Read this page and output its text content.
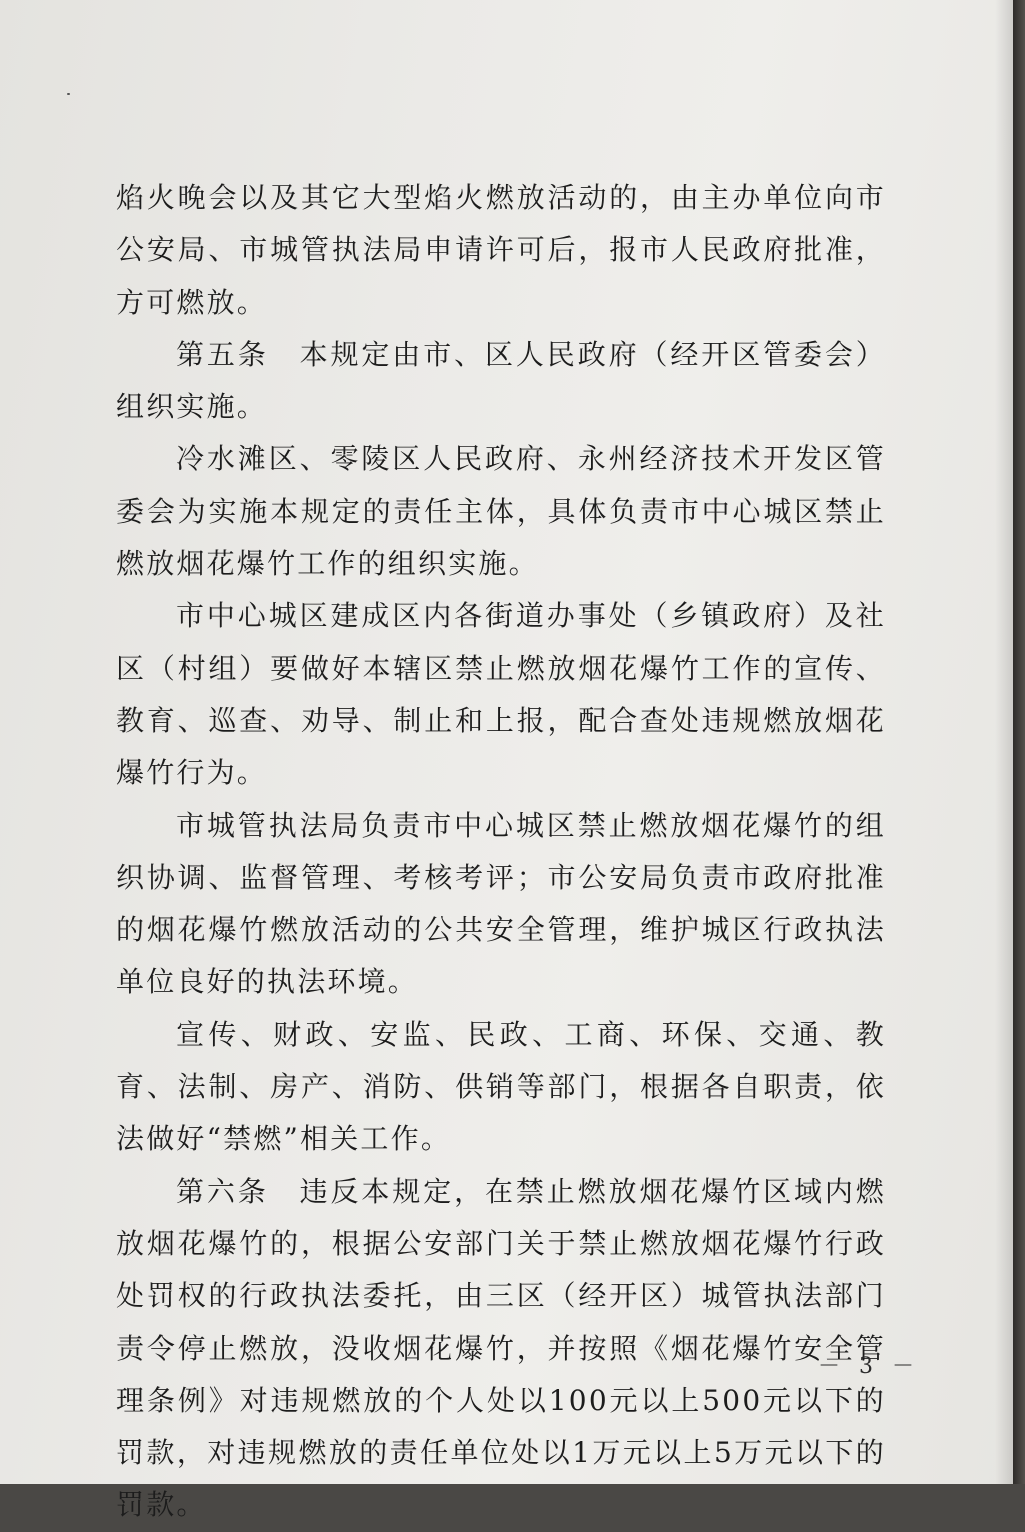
焰火晚会以及其它大型焰火燃放活动的，由主办单位向市公安局、市城管执法局申请许可后，报市人民政府批准，方可燃放。

第五条　本规定由市、区人民政府（经开区管委会）组织实施。

冷水滩区、零陵区人民政府、永州经济技术开发区管委会为实施本规定的责任主体，具体负责市中心城区禁止燃放烟花爆竹工作的组织实施。

市中心城区建成区内各街道办事处（乡镇政府）及社区（村组）要做好本辖区禁止燃放烟花爆竹工作的宣传、教育、巡查、劝导、制止和上报，配合查处违规燃放烟花爆竹行为。

市城管执法局负责市中心城区禁止燃放烟花爆竹的组织协调、监督管理、考核考评；市公安局负责市政府批准的烟花爆竹燃放活动的公共安全管理，维护城区行政执法单位良好的执法环境。

宣传、财政、安监、民政、工商、环保、交通、教育、法制、房产、消防、供销等部门，根据各自职责，依法做好“禁燃”相关工作。

第六条　违反本规定，在禁止燃放烟花爆竹区域内燃放烟花爆竹的，根据公安部门关于禁止燃放烟花爆竹行政处罚权的行政执法委托，由三区（经开区）城管执法部门责令停止燃放，没收烟花爆竹，并按照《烟花爆竹安全管理条例》对违规燃放的个人处以100元以上500元以下的罚款，对违规燃放的责任单位处以1万元以上5万元以下的罚款。

－ 3 －
